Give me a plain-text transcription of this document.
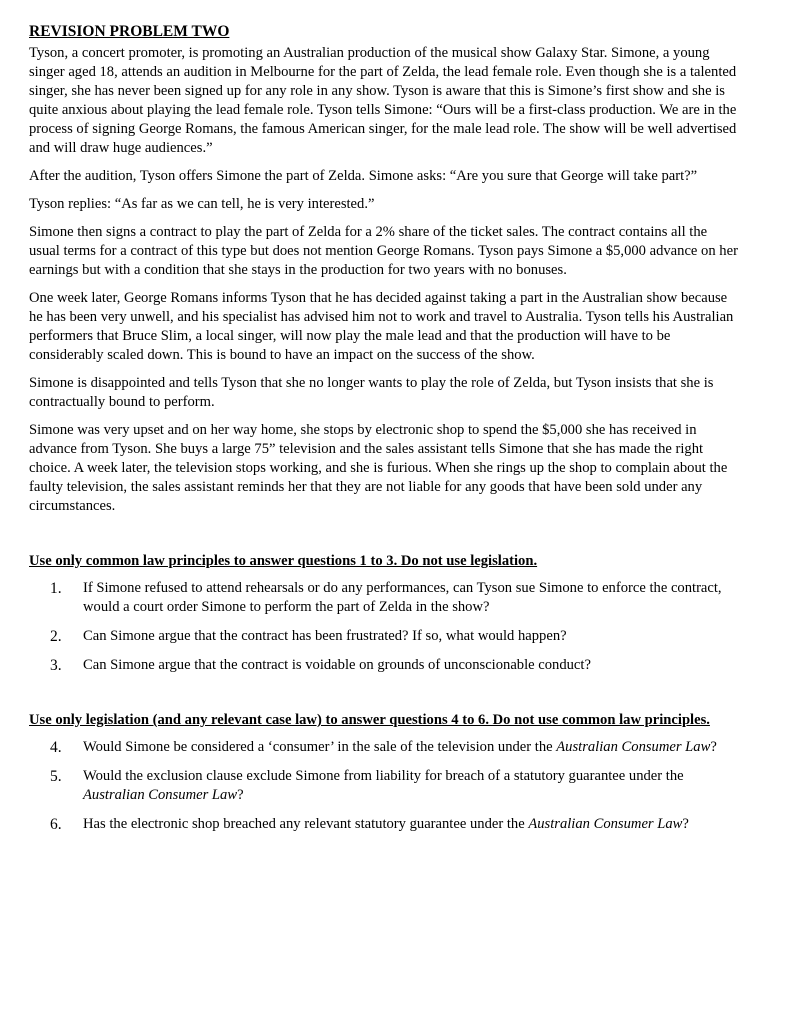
REVISION PROBLEM TWO

Tyson, a concert promoter, is promoting an Australian production of the musical show Galaxy Star. Simone, a young singer aged 18, attends an audition in Melbourne for the part of Zelda, the lead female role. Even though she is a talented singer, she has never been signed up for any role in any show. Tyson is aware that this is Simone’s first show and she is quite anxious about playing the lead female role. Tyson tells Simone: “Ours will be a first-class production. We are in the process of signing George Romans, the famous American singer, for the male lead role. The show will be well advertised and will draw huge audiences.”

After the audition, Tyson offers Simone the part of Zelda. Simone asks: “Are you sure that George will take part?”

Tyson replies: “As far as we can tell, he is very interested.”

Simone then signs a contract to play the part of Zelda for a 2% share of the ticket sales. The contract contains all the usual terms for a contract of this type but does not mention George Romans. Tyson pays Simone a $5,000 advance on her earnings but with a condition that she stays in the production for two years with no bonuses.

One week later, George Romans informs Tyson that he has decided against taking a part in the Australian show because he has been very unwell, and his specialist has advised him not to work and travel to Australia. Tyson tells his Australian performers that Bruce Slim, a local singer, will now play the male lead and that the production will have to be considerably scaled down. This is bound to have an impact on the success of the show.

Simone is disappointed and tells Tyson that she no longer wants to play the role of Zelda, but Tyson insists that she is contractually bound to perform.

Simone was very upset and on her way home, she stops by electronic shop to spend the $5,000 she has received in advance from Tyson. She buys a large 75” television and the sales assistant tells Simone that she has made the right choice. A week later, the television stops working, and she is furious. When she rings up the shop to complain about the faulty television, the sales assistant reminds her that they are not liable for any goods that have been sold under any circumstances.

Use only common law principles to answer questions 1 to 3. Do not use legislation.

1.	If Simone refused to attend rehearsals or do any performances, can Tyson sue Simone to enforce the contract, would a court order Simone to perform the part of Zelda in the show?
2.	Can Simone argue that the contract has been frustrated? If so, what would happen?
3.	Can Simone argue that the contract is voidable on grounds of unconscionable conduct?

Use only legislation (and any relevant case law) to answer questions 4 to 6. Do not use common law principles.

4.	Would Simone be considered a ‘consumer’ in the sale of the television under the Australian Consumer Law?
5.	Would the exclusion clause exclude Simone from liability for breach of a statutory guarantee under the Australian Consumer Law?
6.	Has the electronic shop breached any relevant statutory guarantee under the Australian Consumer Law?
